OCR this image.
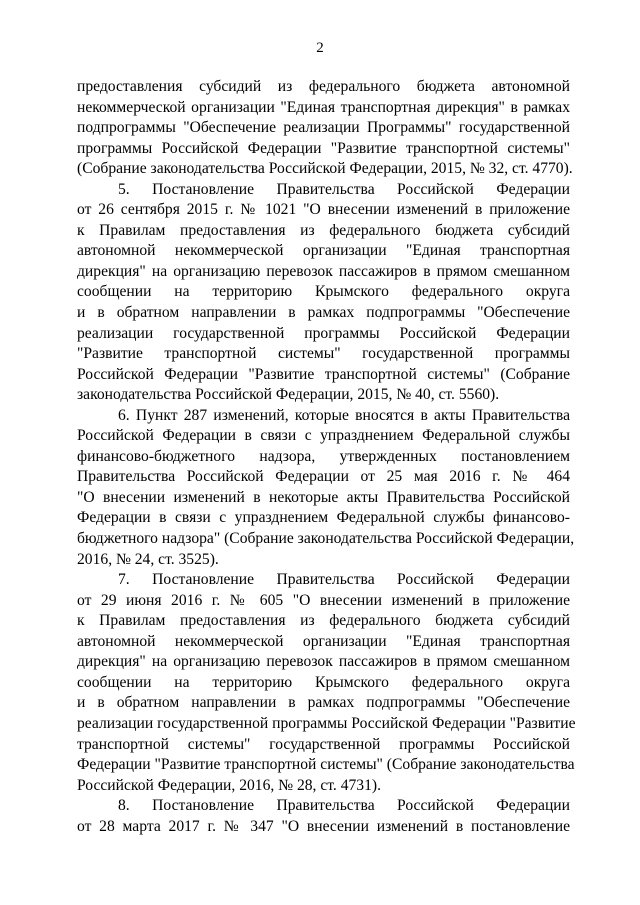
2
предоставления субсидий из федерального бюджета автономной
некоммерческой организации "Единая транспортная дирекция" в рамках
подпрограммы "Обеспечение реализации Программы" государственной
программы Российской Федерации "Развитие транспортной системы"
(Собрание законодательства Российской Федерации, 2015, № 32, ст. 4770).
5. Постановление Правительства Российской Федерации
от 26 сентября 2015 г. № 1021 "О внесении изменений в приложение
к Правилам предоставления из федерального бюджета субсидий
автономной некоммерческой организации "Единая транспортная
дирекция" на организацию перевозок пассажиров в прямом смешанном
сообщении на территорию Крымского федерального округа
и в обратном направлении в рамках подпрограммы "Обеспечение
реализации государственной программы Российской Федерации
"Развитие транспортной системы" государственной программы
Российской Федерации "Развитие транспортной системы" (Собрание
законодательства Российской Федерации, 2015, № 40, ст. 5560).
6. Пункт 287 изменений, которые вносятся в акты Правительства
Российской Федерации в связи с упразднением Федеральной службы
финансово-бюджетного надзора, утвержденных постановлением
Правительства Российской Федерации от 25 мая 2016 г. № 464
"О внесении изменений в некоторые акты Правительства Российской
Федерации в связи с упразднением Федеральной службы финансово-
бюджетного надзора" (Собрание законодательства Российской Федерации,
2016, № 24, ст. 3525).
7. Постановление Правительства Российской Федерации
от 29 июня 2016 г. № 605 "О внесении изменений в приложение
к Правилам предоставления из федерального бюджета субсидий
автономной некоммерческой организации "Единая транспортная
дирекция" на организацию перевозок пассажиров в прямом смешанном
сообщении на территорию Крымского федерального округа
и в обратном направлении в рамках подпрограммы "Обеспечение
реализации государственной программы Российской Федерации "Развитие
транспортной системы" государственной программы Российской
Федерации "Развитие транспортной системы" (Собрание законодательства
Российской Федерации, 2016, № 28, ст. 4731).
8. Постановление Правительства Российской Федерации
от 28 марта 2017 г. № 347 "О внесении изменений в постановление
